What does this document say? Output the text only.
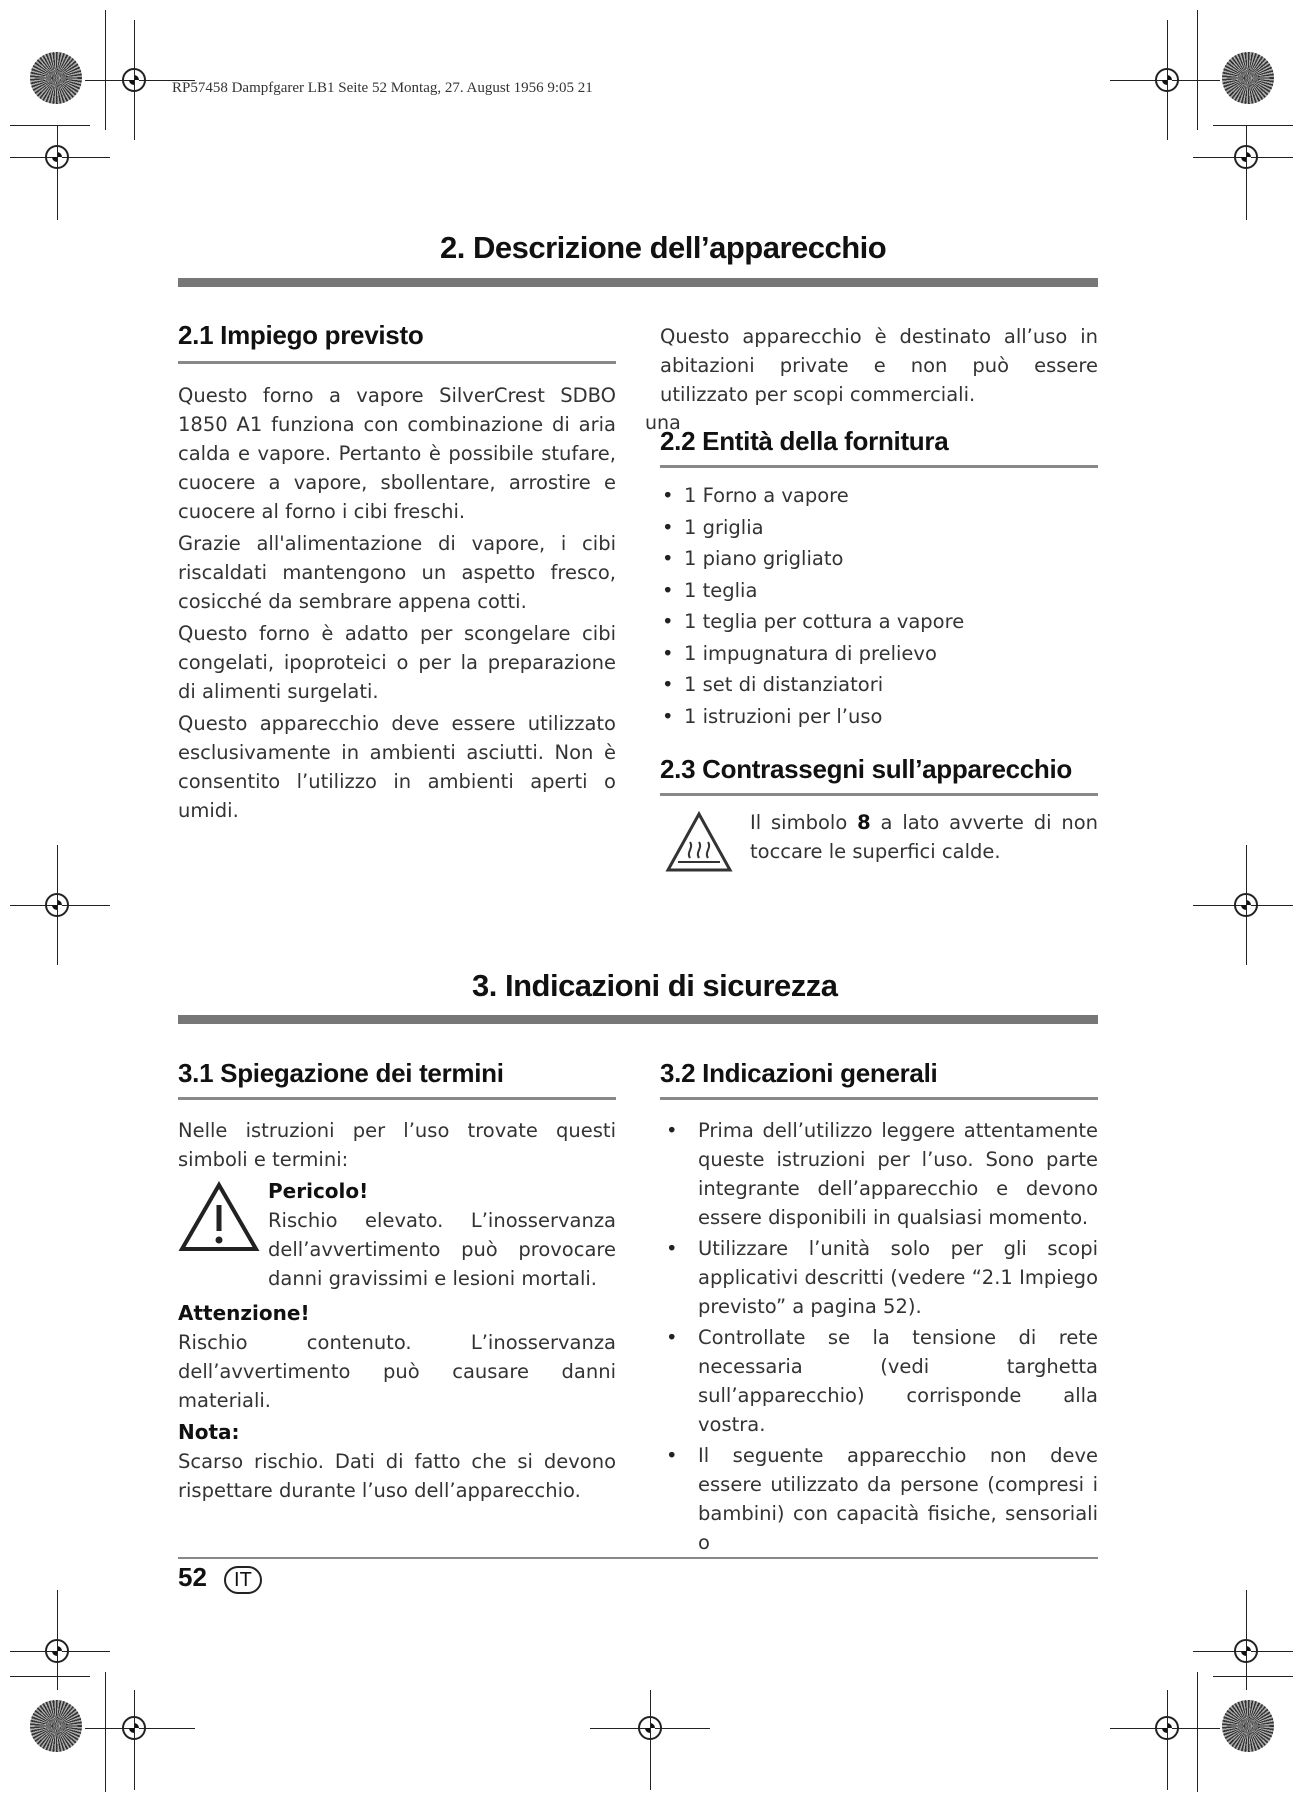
RP57458 Dampfgarer LB1 Seite 52 Montag, 27. August 1956 9:05 21
2. Descrizione dell’apparecchio
2.1 Impiego previsto

Questo forno a vapore SilverCrest SDBO 1850 A1 funziona con combinazione di aria calda e vapore. Pertanto è possibile stufare, cuocere a vapore, sbollentare, arrostire e cuocere al forno i cibi freschi.

Grazie all'alimentazione di vapore, i cibi riscaldati mantengono un aspetto fresco, cosicché da sembrare appena cotti.

Questo forno è adatto per scongelare cibi congelati, ipoproteici o per la preparazione di alimenti surgelati.

Questo apparecchio deve essere utilizzato esclusivamente in ambienti asciutti. Non è consentito l’utilizzo in ambienti aperti o umidi.

Questo apparecchio è destinato all’uso in abitazioni private e non può essere utilizzato per scopi commerciali.

una
2.2 Entità della fornitura
• 1 Forno a vapore
• 1 griglia
• 1 piano grigliato
• 1 teglia
• 1 teglia per cottura a vapore
• 1 impugnatura di prelievo
• 1 set di distanziatori
• 1 istruzioni per l’uso
2.3 Contrassegni sull’apparecchio

Il simbolo 8 a lato avverte di non toccare le superfici calde.

3. Indicazioni di sicurezza
3.1 Spiegazione dei termini

Nelle istruzioni per l’uso trovate questi simboli e termini:

Pericolo!

Rischio elevato. L’inosservanza dell’avvertimento può provocare danni gravissimi e lesioni mortali.

Attenzione!

Rischio contenuto. L’inosservanza dell’avvertimento può causare danni materiali.

Nota:

Scarso rischio. Dati di fatto che si devono rispettare durante l’uso dell’apparecchio.

3.2 Indicazioni generali
• Prima dell’utilizzo leggere attentamente queste istruzioni per l’uso. Sono parte integrante dell’apparecchio e devono essere disponibili in qualsiasi momento.
• Utilizzare l’unità solo per gli scopi applicativi descritti (vedere “2.1 Impiego previsto” a pagina 52).
• Controllate se la tensione di rete necessaria (vedi targhetta sull’apparecchio) corrisponde alla vostra.
• Il seguente apparecchio non deve essere utilizzato da persone (compresi i bambini) con capacità fisiche, sensoriali o
52 IT
